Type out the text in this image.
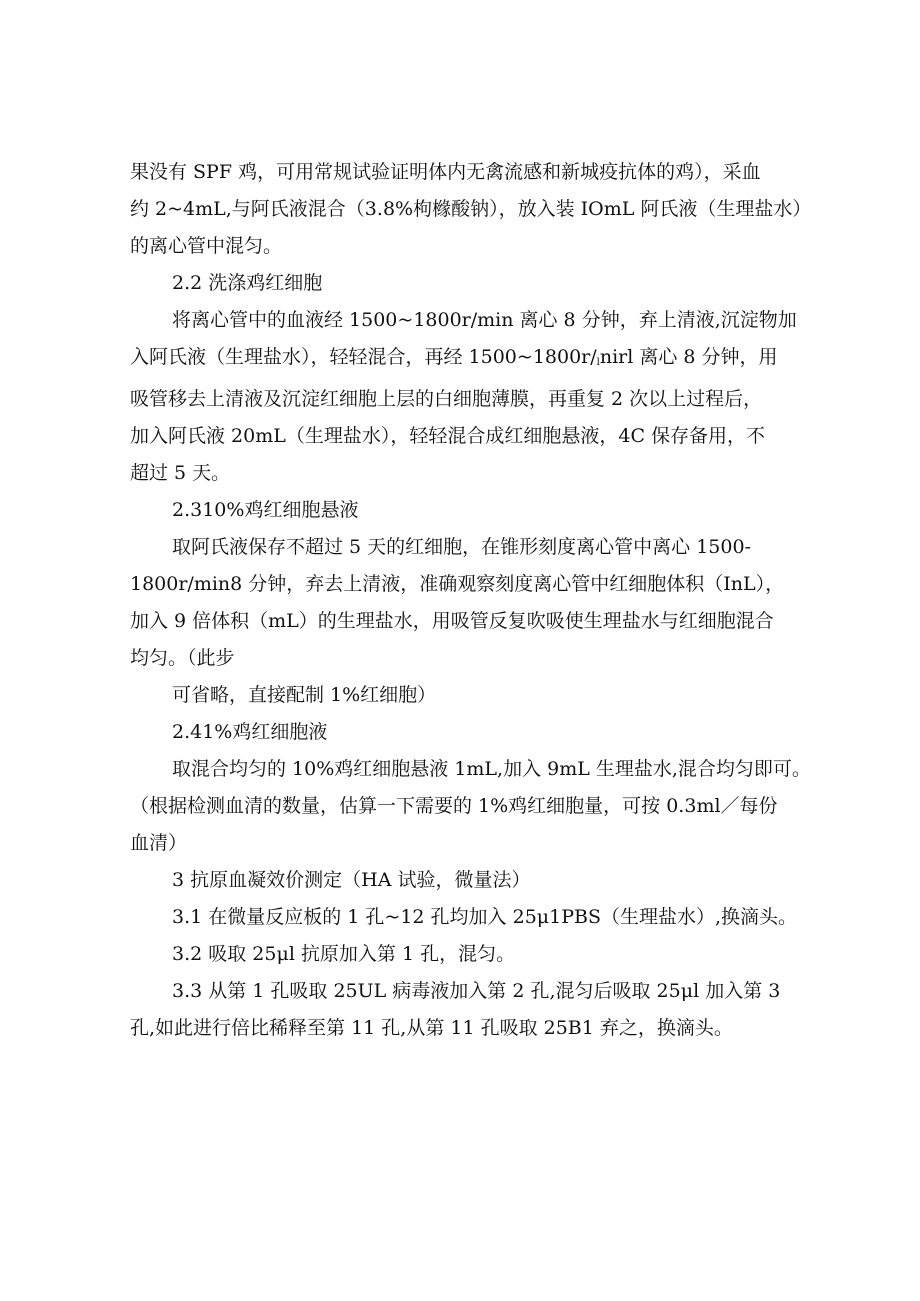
果没有 SPF 鸡，可用常规试验证明体内无禽流感和新城疫抗体的鸡），采血
约 2~4mL,与阿氏液混合（3.8%枸橼酸钠），放入装 IOmL 阿氏液（生理盐水）
的离心管中混匀。
2.2 洗涤鸡红细胞
将离心管中的血液经 1500~1800r/min 离心 8 分钟，弃上清液,沉淀物加
入阿氏液（生理盐水），轻轻混合，再经 $1500\sim 1800r/_lnirl$ 离心 8 分钟，用
吸管移去上清液及沉淀红细胞上层的白细胞薄膜，再重复 2 次以上过程后，
加入阿氏液 20mL（生理盐水），轻轻混合成红细胞悬液，4C 保存备用，不
超过 5 天。
2.310%鸡红细胞悬液
取阿氏液保存不超过 5 天的红细胞，在锥形刻度离心管中离心 1500-
1800r/min8 分钟，弃去上清液，准确观察刻度离心管中红细胞体积（InL），
加入 9 倍体积（mL）的生理盐水，用吸管反复吹吸使生理盐水与红细胞混合
均匀。（此步
可省略，直接配制 1%红细胞）
2.41%鸡红细胞液
取混合均匀的 10%鸡红细胞悬液 1mL,加入 9mL 生理盐水,混合均匀即可。
（根据检测血清的数量，估算一下需要的 1%鸡红细胞量，可按 0.3ml／每份
血清）
3 抗原血凝效价测定（HA 试验，微量法）
3.1 在微量反应板的 1 孔~12 孔均加入 25μ1PBS（生理盐水）,换滴头。
3.2 吸取 25μl 抗原加入第 1 孔，混匀。
3.3 从第 1 孔吸取 25UL 病毒液加入第 2 孔,混匀后吸取 25μl 加入第 3
孔,如此进行倍比稀释至第 11 孔,从第 11 孔吸取 25B1 弃之，换滴头。
